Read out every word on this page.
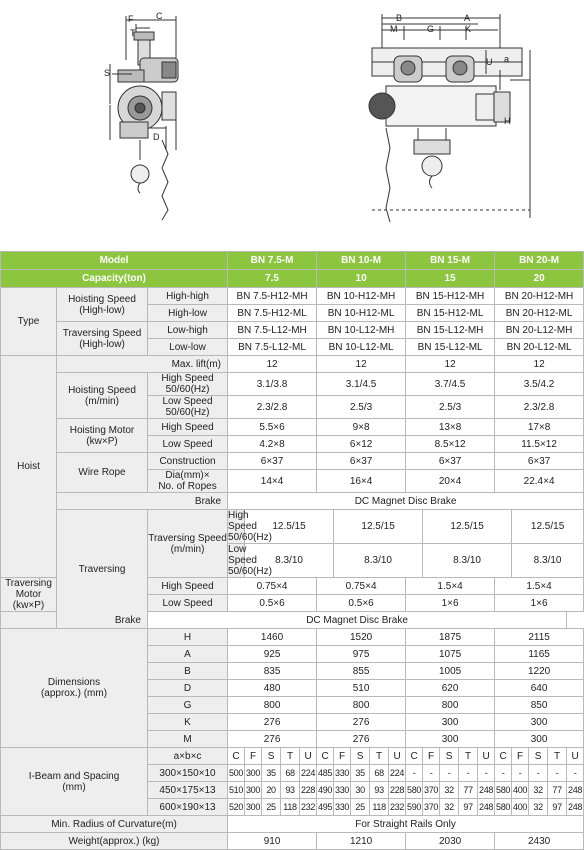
F	C
T
S
D
B	A
M	G	K
U a
H
Model			BN 7.5-M					BN 10-M					BN 15-M					BN 20-M				
Capacity(ton)			7.5					10					15					20				
Type	Hoisting Speed
(High-low)	High-high	BN 7.5-H12-MH					BN 10-H12-MH					BN 15-H12-MH					BN 20-H12-MH				
		High-low	BN 7.5-H12-ML					BN 10-H12-ML					BN 15-H12-ML					BN 20-H12-ML				

	Traversing Speed
(High-low)	Low-high	BN 7.5-L12-MH					BN 10-L12-MH					BN 15-L12-MH					BN 20-L12-MH				
		Low-low	BN 7.5-L12-ML					BN 10-L12-ML					BN 15-L12-ML					BN 20-L12-ML				
Hoist	Max. lift(m)		12					12					12					12				

	Hoisting Speed
(m/min)	High Speed
50/60(Hz)	3.1/3.8					3.1/4.5					3.7/4.5					3.5/4.2				

		Low Speed
50/60(Hz)	2.3/2.8					2.5/3					2.5/3					2.3/2.8				

	Hoisting Motor
(kw×P)	High Speed	5.5×6					9×8					13×8					17×8				
		Low Speed	4.2×8					6×12					8.5×12					11.5×12				
	Wire Rope	Construction	6×37					6×37					6×37					6×37				

		Dia(mm)×
No. of Ropes	14×4					16×4					20×4					22.4×4				
	Brake		DC Magnet Disc Brake																			
	Traversing	Traversing Speed
(m/min)	High Speed
50/60(Hz)	12.5/15					12.5/15					12.5/15					12.5/15			

			Low Speed
50/60(Hz)	8.3/10					8.3/10					8.3/10					8.3/10			

Traversing Motor
(kw×P)		High Speed	0.75×4					0.75×4					1.5×4					1.5×4				
		Low Speed	0.5×6					0.5×6					1×6					1×6				
Brake		DC Magnet Disc Brake																				

Dimensions
(approx.) (mm)		H	1460					1520					1875					2115				
		A	925					975					1075					1165				
		B	835					855					1005					1220				
		D	480					510					620					640				
		G	800					800					800					850				
		K	276					276					300					300				
		M	276					276					300					300				

I-Beam and Spacing
(mm)		a×b×c	C	F	S	T	U	C	F	S	T	U	C	F	S	T	U	C	F	S	T	U
		300×150×10	500	300	35	68	224	485	330	35	68	224	-	-	-	-	-	-	-	-	-	-
		450×175×13	510	300	20	93	228	490	330	30	93	228	580	370	32	77	248	580	400	32	77	248
		600×190×13	520	300	25	118	232	495	330	25	118	232	590	370	32	97	248	580	400	32	97	248
Min. Radius of Curvature(m)			For Straight Rails Only																			
Weight(approx.) (kg)			910					1210					2030					2430				
